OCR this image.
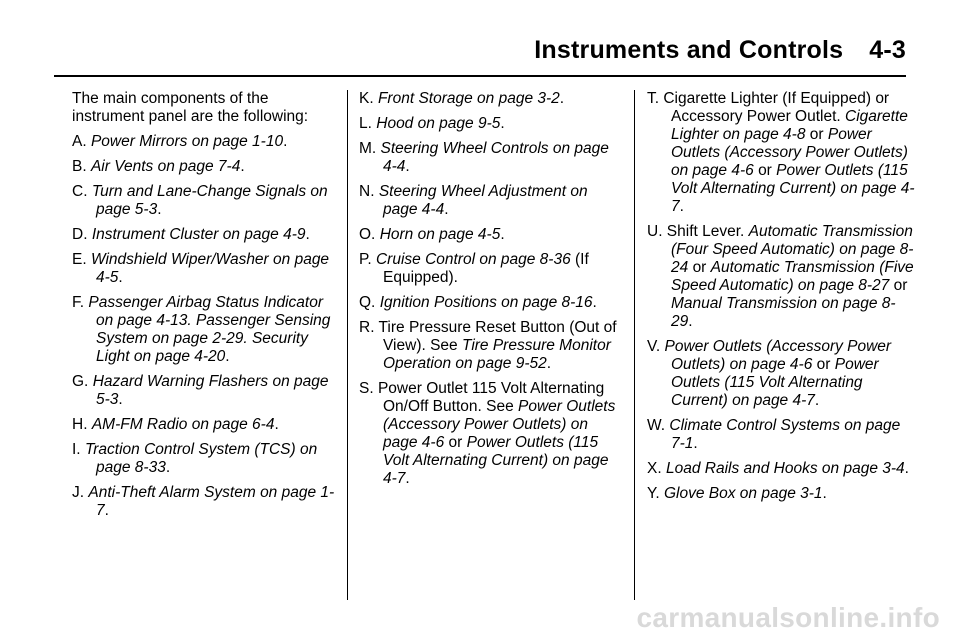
Instruments and Controls 4-3
The main components of the instrument panel are the following:
A. Power Mirrors on page 1-10.
B. Air Vents on page 7-4.
C. Turn and Lane-Change Signals on page 5-3.
D. Instrument Cluster on page 4-9.
E. Windshield Wiper/Washer on page 4-5.
F. Passenger Airbag Status Indicator on page 4-13. Passenger Sensing System on page 2-29. Security Light on page 4-20.
G. Hazard Warning Flashers on page 5-3.
H. AM-FM Radio on page 6-4.
I. Traction Control System (TCS) on page 8-33.
J. Anti-Theft Alarm System on page 1-7.
K. Front Storage on page 3-2.
L. Hood on page 9-5.
M. Steering Wheel Controls on page 4-4.
N. Steering Wheel Adjustment on page 4-4.
O. Horn on page 4-5.
P. Cruise Control on page 8-36 (If Equipped).
Q. Ignition Positions on page 8-16.
R. Tire Pressure Reset Button (Out of View). See Tire Pressure Monitor Operation on page 9-52.
S. Power Outlet 115 Volt Alternating On/Off Button. See Power Outlets (Accessory Power Outlets) on page 4-6 or Power Outlets (115 Volt Alternating Current) on page 4-7.
T. Cigarette Lighter (If Equipped) or Accessory Power Outlet. Cigarette Lighter on page 4-8 or Power Outlets (Accessory Power Outlets) on page 4-6 or Power Outlets (115 Volt Alternating Current) on page 4-7.
U. Shift Lever. Automatic Transmission (Four Speed Automatic) on page 8-24 or Automatic Transmission (Five Speed Automatic) on page 8-27 or Manual Transmission on page 8-29.
V. Power Outlets (Accessory Power Outlets) on page 4-6 or Power Outlets (115 Volt Alternating Current) on page 4-7.
W. Climate Control Systems on page 7-1.
X. Load Rails and Hooks on page 3-4.
Y. Glove Box on page 3-1.
carmanualsonline.info
